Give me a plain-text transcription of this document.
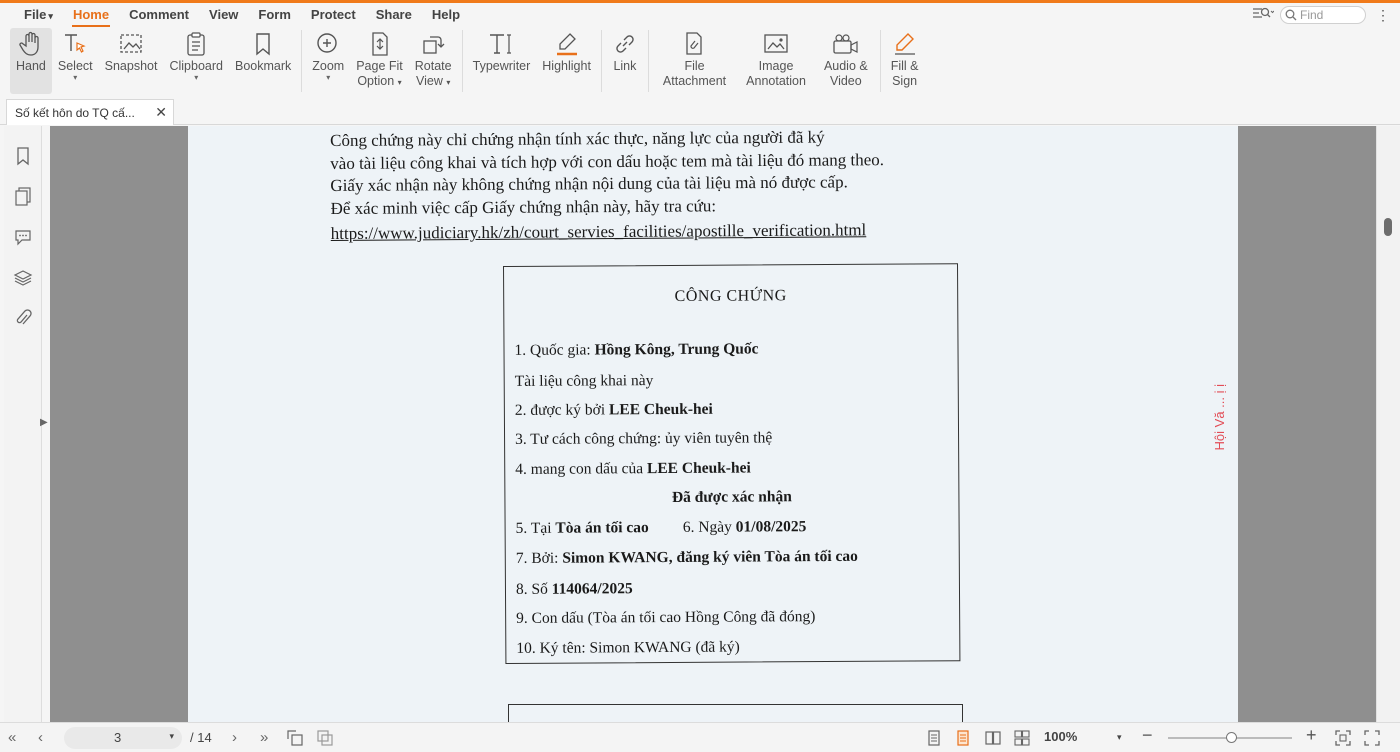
File ▾	Home	Comment	View	Form	Protect	Share	Help	Find	⋮
Hand Select
▾
Snapshot Clipboard
▾
Bookmark Zoom
▾
Page Fit
Option ▾
Rotate
View ▾
Typewriter Highlight Link	File
Attachment
Image
Annotation
Audio &
Video
Fill &
Sign
Số kết hôn do TQ cấ... ✕
▶
Công chứng này chỉ chứng nhận tính xác thực, năng lực của người đã ký
vào tài liệu công khai và tích hợp với con dấu hoặc tem mà tài liệu đó mang theo.
Giấy xác nhận này không chứng nhận nội dung của tài liệu mà nó được cấp.
Để xác minh việc cấp Giấy chứng nhận này, hãy tra cứu:
https://www.judiciary.hk/zh/court_servies_facilities/apostille_verification.html
CÔNG CHỨNG
1. Quốc gia: Hồng Kông, Trung Quốc
Tài liệu công khai này
2. được ký bởi LEE Cheuk-hei
3. Tư cách công chứng: ủy viên tuyên thệ
4. mang con dấu của LEE Cheuk-hei
Đã được xác nhận
5. Tại Tòa án tối cao 6. Ngày 01/08/2025
7. Bởi: Simon KWANG, đăng ký viên Tòa án tối cao
8. Số 114064/2025
9. Con dấu (Tòa án tối cao Hồng Công đã đóng)
10. Ký tên: Simon KWANG (đã ký)
Hội Vă ... ị ị
« ‹	3	▾ / 14 › »	100%	▾ −	+
